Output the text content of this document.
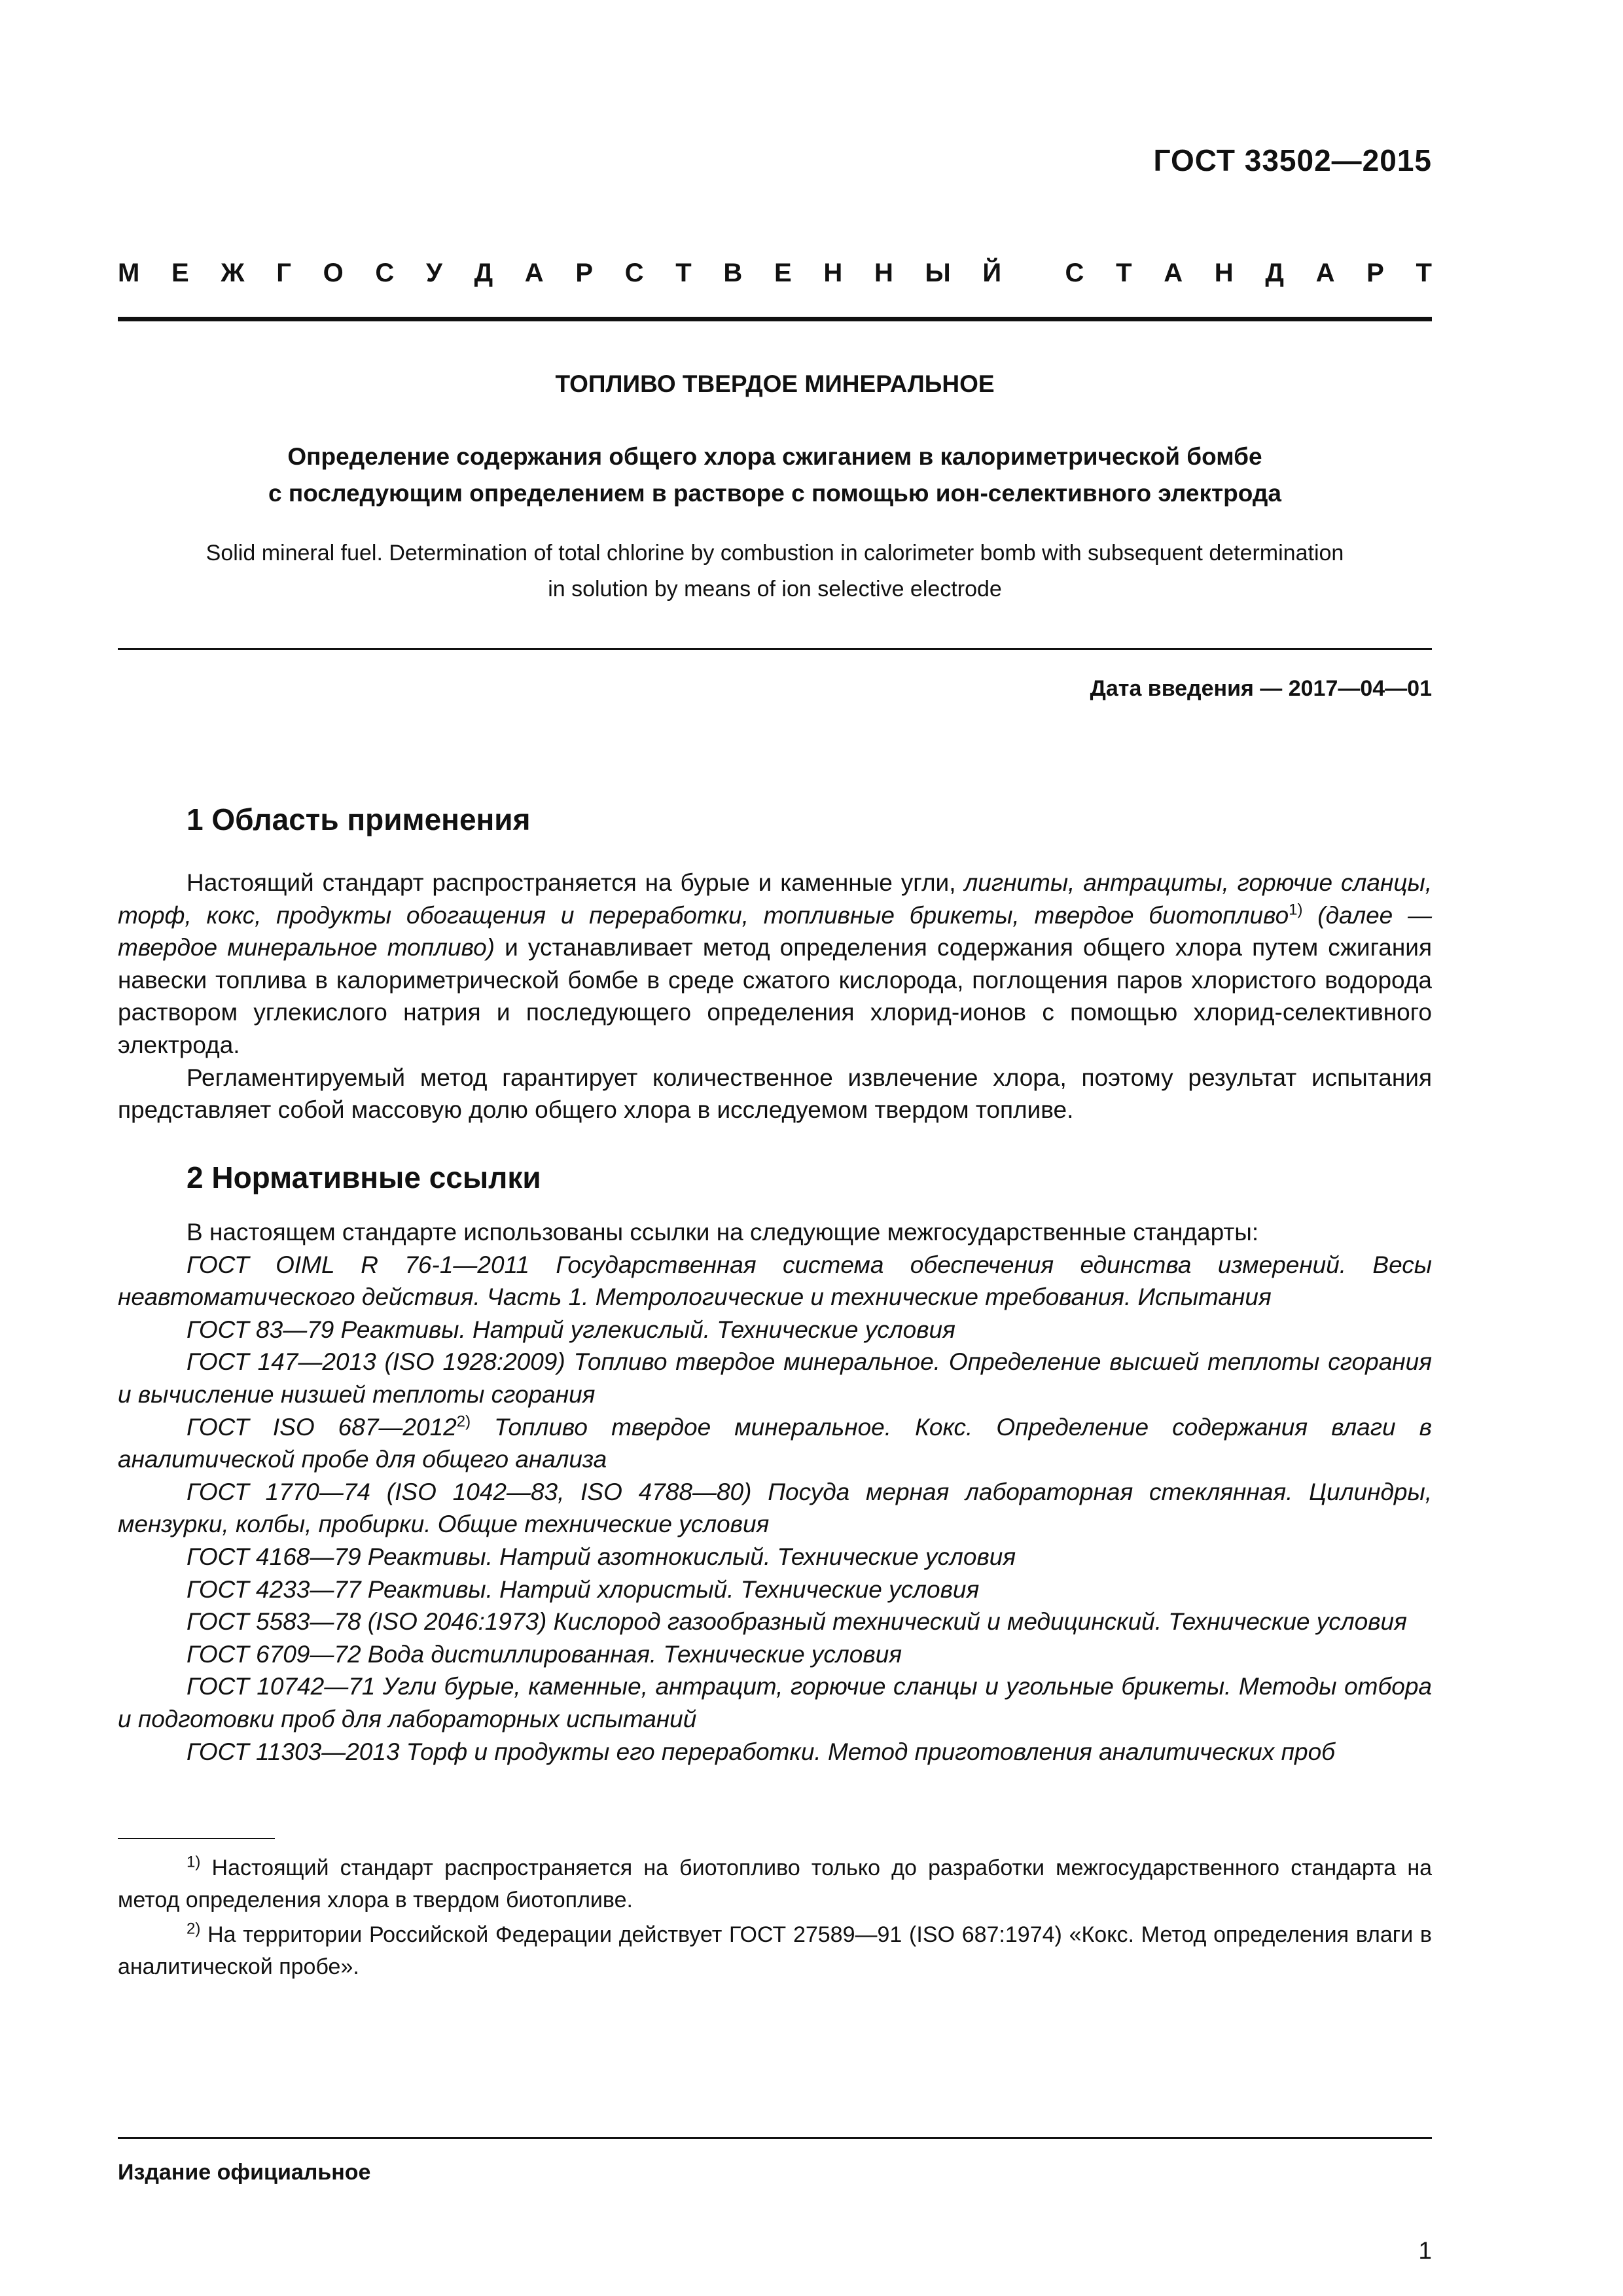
ГОСТ 33502—2015
М Е Ж Г О С У Д А Р С Т В Е Н Н Ы Й С Т А Н Д А Р Т
ТОПЛИВО ТВЕРДОЕ МИНЕРАЛЬНОЕ
Определение содержания общего хлора сжиганием в калориметрической бомбе
с последующим определением в растворе с помощью ион-селективного электрода
Solid mineral fuel. Determination of total chlorine by combustion in calorimeter bomb with subsequent determination
in solution by means of ion selective electrode
Дата введения — 2017—04—01
1 Область применения

Настоящий стандарт распространяется на бурые и каменные угли, лигниты, антрациты, горючие сланцы, торф, кокс, продукты обогащения и переработки, топливные брикеты, твердое биотопливо$^{1)}$ (далее — твердое минеральное топливо) и устанавливает метод определения содержания общего хлора путем сжигания навески топлива в калориметрической бомбе в среде сжатого кислорода, поглощения паров хлористого водорода раствором углекислого натрия и последующего определения хлорид-ионов с помощью хлорид-селективного электрода.

Регламентируемый метод гарантирует количественное извлечение хлора, поэтому результат испытания представляет собой массовую долю общего хлора в исследуемом твердом топливе.

2 Нормативные ссылки

В настоящем стандарте использованы ссылки на следующие межгосударственные стандарты:

ГОСТ OIML R 76-1—2011 Государственная система обеспечения единства измерений. Весы неавтоматического действия. Часть 1. Метрологические и технические требования. Испытания

ГОСТ 83—79 Реактивы. Натрий углекислый. Технические условия

ГОСТ 147—2013 (ISO 1928:2009) Топливо твердое минеральное. Определение высшей теплоты сгорания и вычисление низшей теплоты сгорания

ГОСТ ISO 687—2012$^{2)}$ Топливо твердое минеральное. Кокс. Определение содержания влаги в аналитической пробе для общего анализа

ГОСТ 1770—74 (ISO 1042—83, ISO 4788—80) Посуда мерная лабораторная стеклянная. Цилиндры, мензурки, колбы, пробирки. Общие технические условия

ГОСТ 4168—79 Реактивы. Натрий азотнокислый. Технические условия

ГОСТ 4233—77 Реактивы. Натрий хлористый. Технические условия

ГОСТ 5583—78 (ISO 2046:1973) Кислород газообразный технический и медицинский. Технические условия

ГОСТ 6709—72 Вода дистиллированная. Технические условия

ГОСТ 10742—71 Угли бурые, каменные, антрацит, горючие сланцы и угольные брикеты. Методы отбора и подготовки проб для лабораторных испытаний

ГОСТ 11303—2013 Торф и продукты его переработки. Метод приготовления аналитических проб

$^{1)}$ Настоящий стандарт распространяется на биотопливо только до разработки межгосударственного стандарта на метод определения хлора в твердом биотопливе.

$^{2)}$ На территории Российской Федерации действует ГОСТ 27589—91 (ISO 687:1974) «Кокс. Метод определения влаги в аналитической пробе».

Издание официальное
1
